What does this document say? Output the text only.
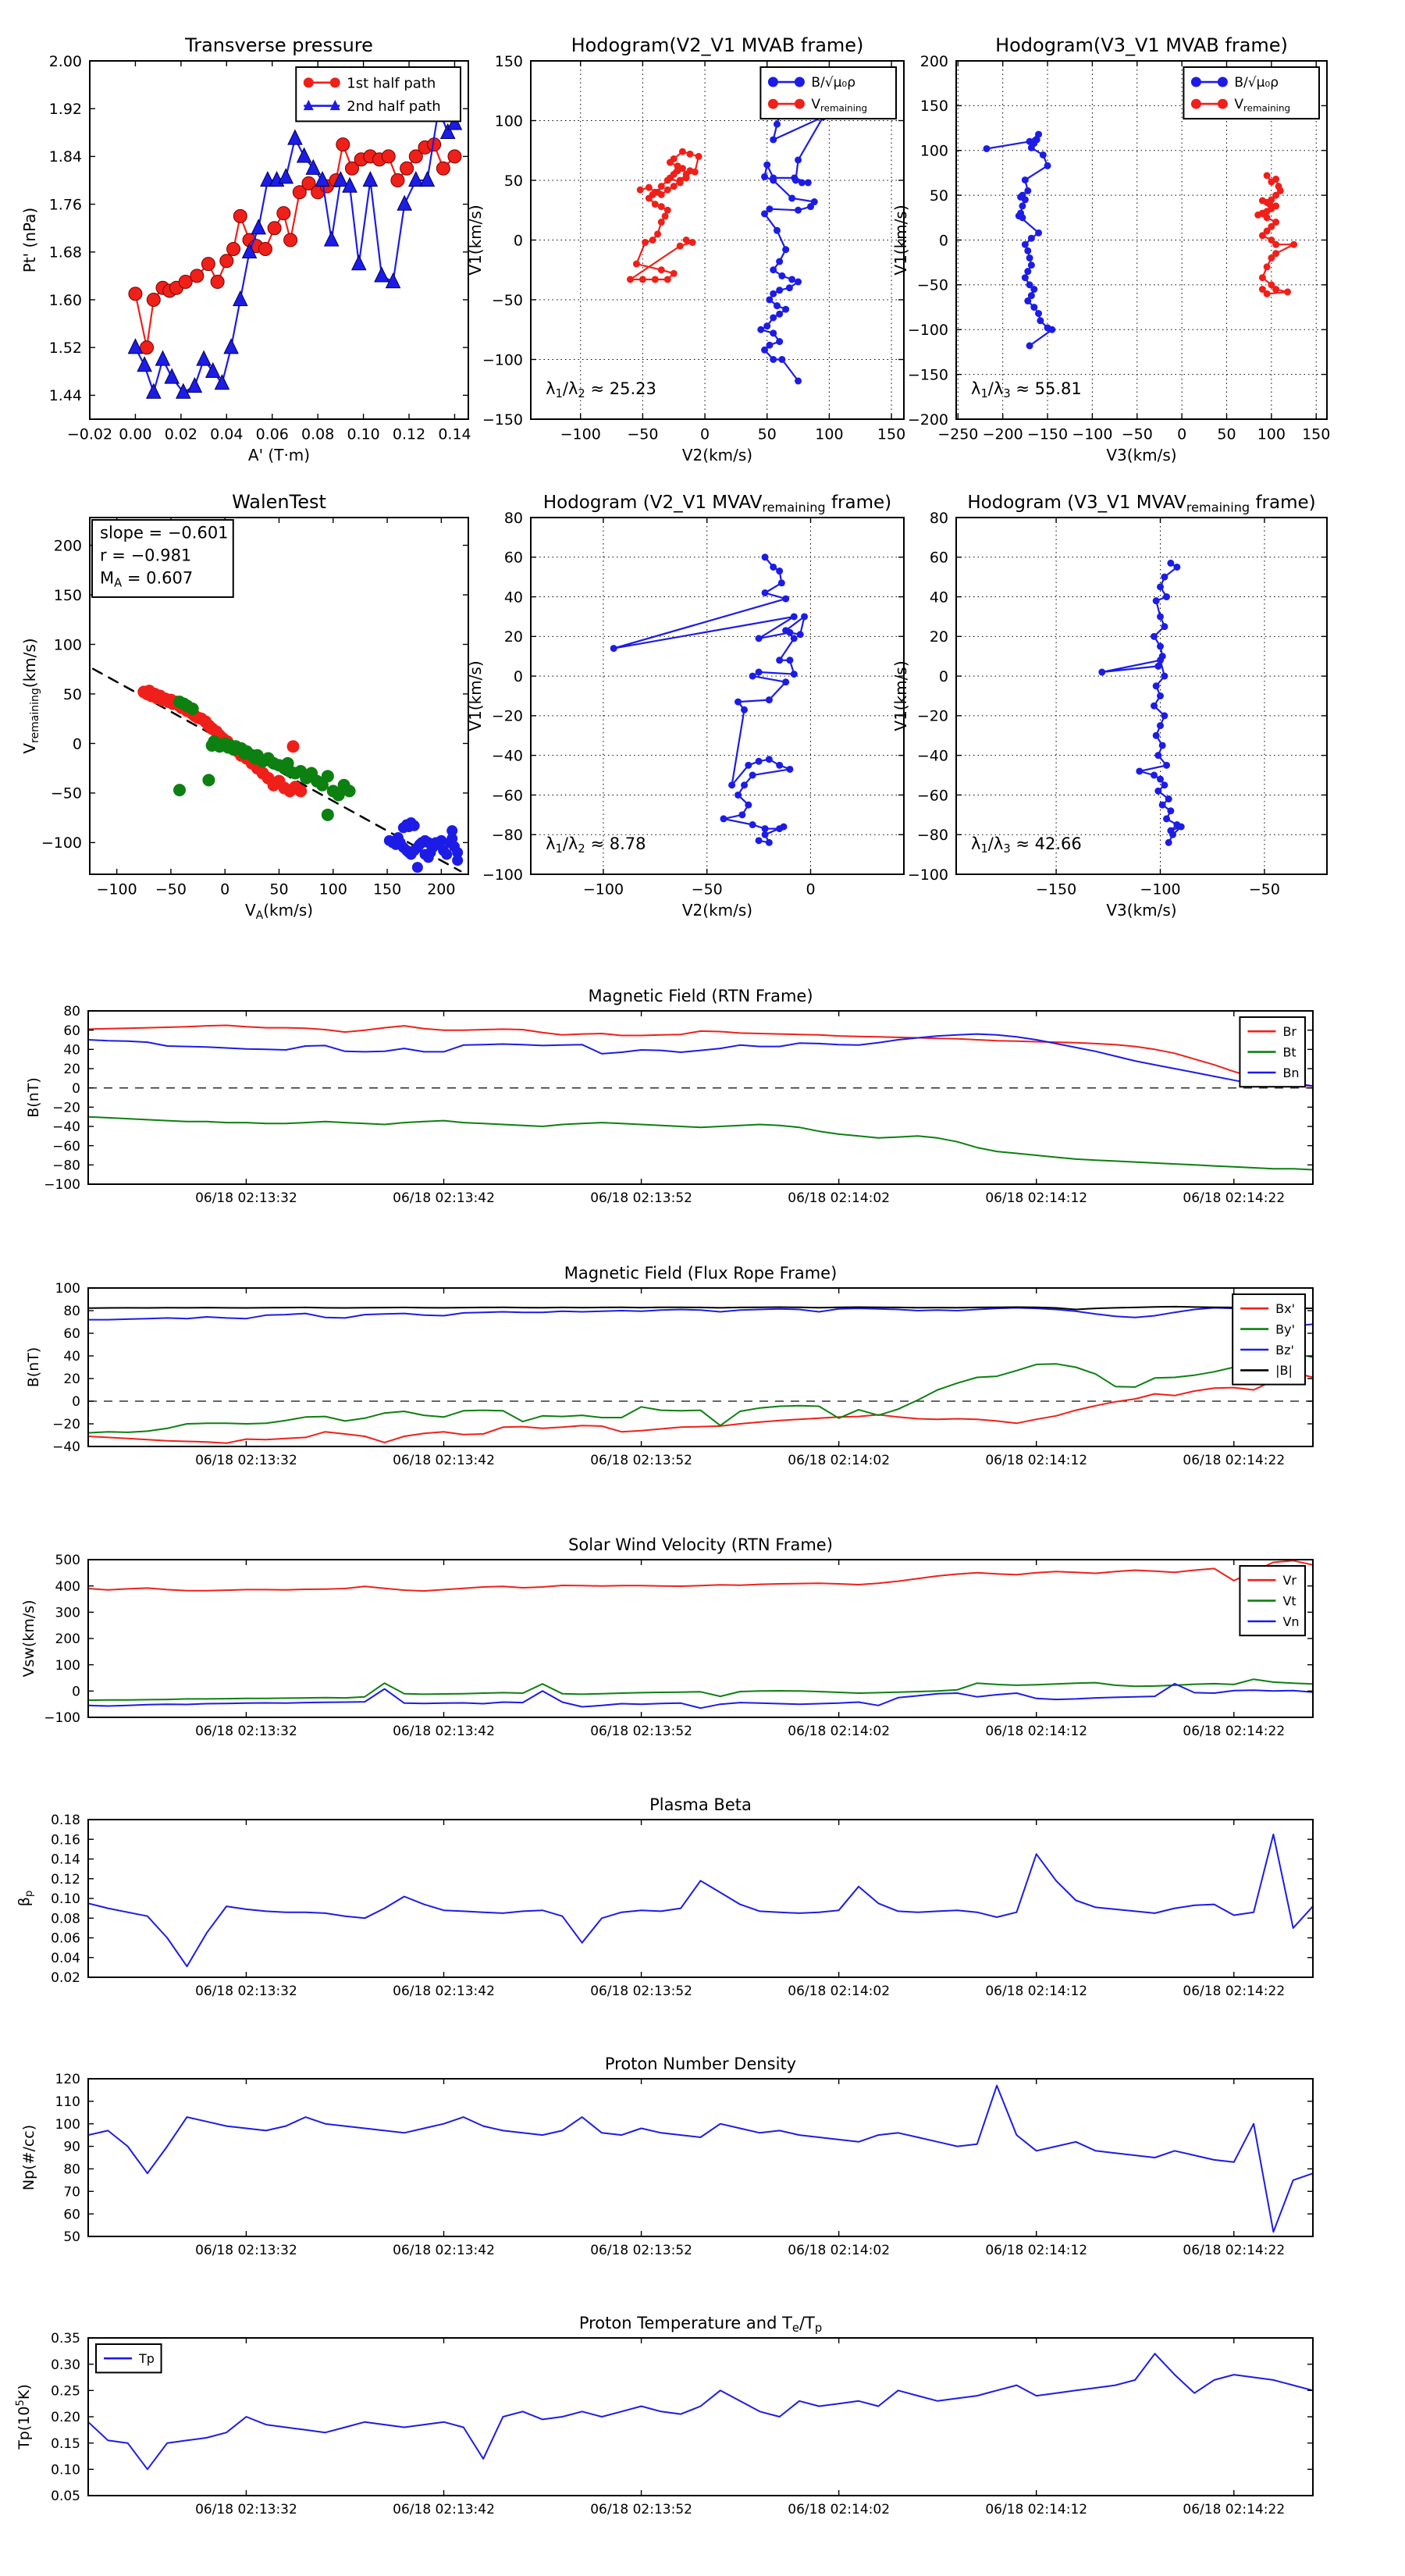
−0.02 0.00 0.02 0.04 0.06 0.08 0.10 0.12 0.14
1.44
1.52
1.60
1.68
1.76
1.84
1.92
2.00
Transverse pressure
A' (T·m)
Pt' (nPa)
1st half path
2nd half path
−100 −50	0	50	100 150
−150
−100
−50
0
50
100
150
Hodogram(V2_V1 MVAB frame)
V2(km/s)
V1(km/s)
$\lambda_1/\lambda_2 \approx 25.23$
B/√μ₀ρ
Vremaining
−250 −200 −150 −100 −50 0 50 100 150
−200
−150
−100
−50
0
50
100
150
200
Hodogram(V3_V1 MVAB frame)
V3(km/s)
V1(km/s)
$\lambda_1/\lambda_3 \approx 55.81$
B/√μ₀ρ
Vremaining
−100 −50 0	50 100 150 200
−100
−50
0
50
100
150
200
WalenTest
$V_A(km/s)$
$V_{remaining}(km/s)$
slope = −0.601
r = −0.981
$M_A = 0.607$
−100	−50	0
−100
−80
−60
−40
−20
0
20
40
60
80
Hodogram (V2_V1 MVAVremaining frame)
V2(km/s)
V1(km/s)
$\lambda_1/\lambda_2 \approx 8.78$
−150	−100	−50
−100
−80
−60
−40
−20
0
20
40
60
80
Hodogram (V3_V1 MVAVremaining frame)
V3(km/s)
V1(km/s)
$\lambda_1/\lambda_3 \approx 42.66$
06/18 02:13:32	06/18 02:13:42	06/18 02:13:52	06/18 02:14:02	06/18 02:14:12	06/18 02:14:22
−100
−80
−60
−40
−20
0
20
40
60
80
Magnetic Field (RTN Frame)
B(nT)
Br
Bt
Bn
06/18 02:13:32	06/18 02:13:42	06/18 02:13:52	06/18 02:14:02	06/18 02:14:12	06/18 02:14:22
−40
−20
0
20
40
60
80
100
Magnetic Field (Flux Rope Frame)
B(nT)
Bx'
By'
Bz'
|B|
06/18 02:13:32	06/18 02:13:42	06/18 02:13:52	06/18 02:14:02	06/18 02:14:12	06/18 02:14:22
−100
0
100
200
300
400
500
Solar Wind Velocity (RTN Frame)
Vsw(km/s)
Vr
Vt
Vn
06/18 02:13:32	06/18 02:13:42	06/18 02:13:52	06/18 02:14:02	06/18 02:14:12	06/18 02:14:22
0.02
0.04
0.06
0.08
0.10
0.12
0.14
0.16
0.18
Plasma Beta
βp
06/18 02:13:32	06/18 02:13:42	06/18 02:13:52	06/18 02:14:02	06/18 02:14:12	06/18 02:14:22
50
60
70
80
90
100
110
120
Proton Number Density
Np(#/cc)
06/18 02:13:32	06/18 02:13:42	06/18 02:13:52	06/18 02:14:02	06/18 02:14:12	06/18 02:14:22
0.05
0.10
0.15
0.20
0.25
0.30
0.35
Proton Temperature and $T_e/T_p$
$Tp(10^5K)$
Tp
